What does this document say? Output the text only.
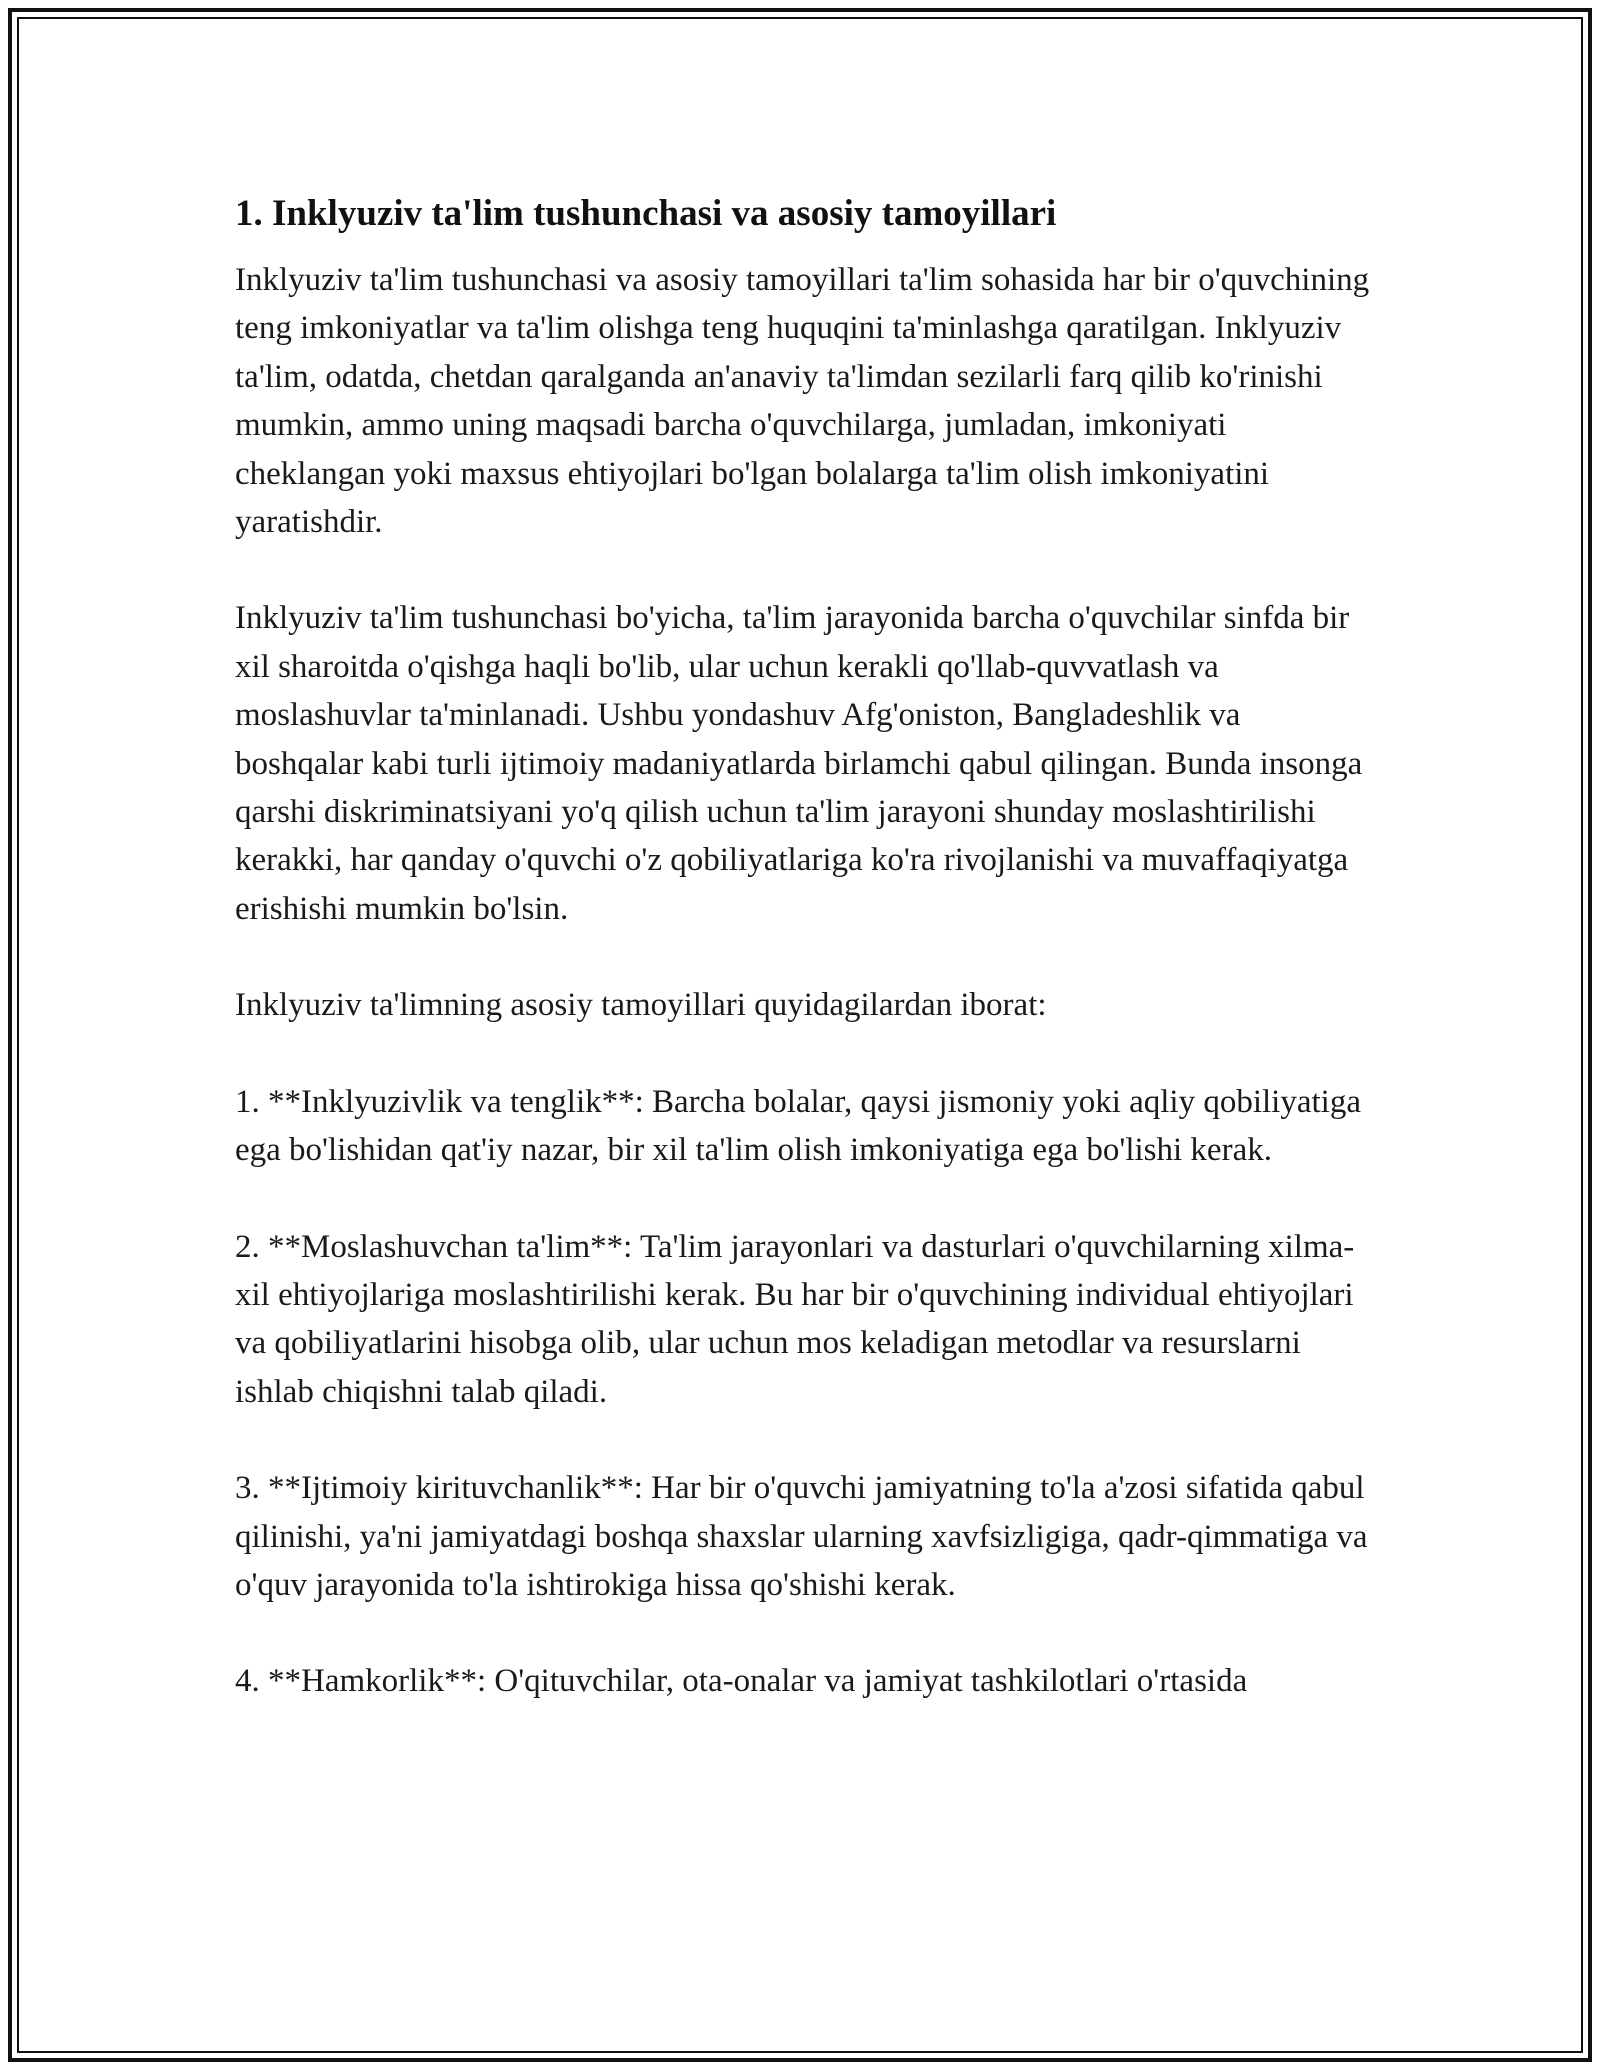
1. Inklyuziv ta'lim tushunchasi va asosiy tamoyillari

Inklyuziv ta'lim tushunchasi va asosiy tamoyillari ta'lim sohasida har bir o'quvchining teng imkoniyatlar va ta'lim olishga teng huquqini ta'minlashga qaratilgan. Inklyuziv ta'lim, odatda, chetdan qaralganda an'anaviy ta'limdan sezilarli farq qilib ko'rinishi mumkin, ammo uning maqsadi barcha o'quvchilarga, jumladan, imkoniyati cheklangan yoki maxsus ehtiyojlari bo'lgan bolalarga ta'lim olish imkoniyatini yaratishdir.

Inklyuziv ta'lim tushunchasi bo'yicha, ta'lim jarayonida barcha o'quvchilar sinfda bir xil sharoitda o'qishga haqli bo'lib, ular uchun kerakli qo'llab-quvvatlash va moslashuvlar ta'minlanadi. Ushbu yondashuv Afg'oniston, Bangladeshlik va boshqalar kabi turli ijtimoiy madaniyatlarda birlamchi qabul qilingan. Bunda insonga qarshi diskriminatsiyani yo'q qilish uchun ta'lim jarayoni shunday moslashtirilishi kerakki, har qanday o'quvchi o'z qobiliyatlariga ko'ra rivojlanishi va muvaffaqiyatga erishishi mumkin bo'lsin.

Inklyuziv ta'limning asosiy tamoyillari quyidagilardan iborat:

1. **Inklyuzivlik va tenglik**: Barcha bolalar, qaysi jismoniy yoki aqliy qobiliyatiga ega bo'lishidan qat'iy nazar, bir xil ta'lim olish imkoniyatiga ega bo'lishi kerak.

2. **Moslashuvchan ta'lim**: Ta'lim jarayonlari va dasturlari o'quvchilarning xilma-xil ehtiyojlariga moslashtirilishi kerak. Bu har bir o'quvchining individual ehtiyojlari va qobiliyatlarini hisobga olib, ular uchun mos keladigan metodlar va resurslarni ishlab chiqishni talab qiladi.

3. **Ijtimoiy kirituvchanlik**: Har bir o'quvchi jamiyatning to'la a'zosi sifatida qabul qilinishi, ya'ni jamiyatdagi boshqa shaxslar ularning xavfsizligiga, qadr-qimmatiga va o'quv jarayonida to'la ishtirokiga hissa qo'shishi kerak.

4. **Hamkorlik**: O'qituvchilar, ota-onalar va jamiyat tashkilotlari o'rtasida
